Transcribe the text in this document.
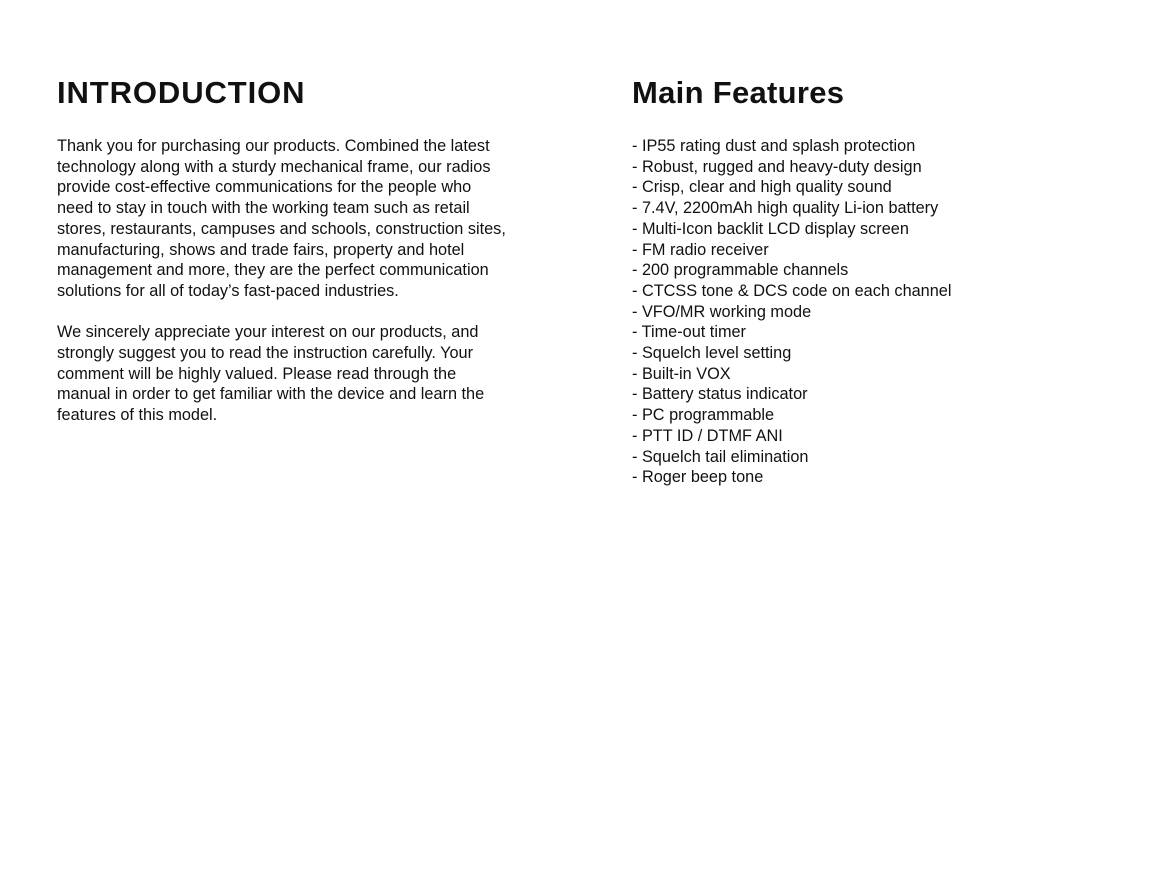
INTRODUCTION

Thank you for purchasing our products. Combined the latest
technology along with a sturdy mechanical frame, our radios
provide cost-effective communications for the people who
need to stay in touch with the working team such as retail
stores, restaurants, campuses and schools, construction sites,
manufacturing, shows and trade fairs, property and hotel
management and more, they are the perfect communication
solutions for all of today’s fast-paced industries.

We sincerely appreciate your interest on our products, and
strongly suggest you to read the instruction carefully. Your
comment will be highly valued. Please read through the
manual in order to get familiar with the device and learn the
features of this model.

Main Features
- IP55 rating dust and splash protection
- Robust, rugged and heavy-duty design
- Crisp, clear and high quality sound
- 7.4V, 2200mAh high quality Li-ion battery
- Multi-Icon backlit LCD display screen
- FM radio receiver
- 200 programmable channels
- CTCSS tone & DCS code on each channel
- VFO/MR working mode
- Time-out timer
- Squelch level setting
- Built-in VOX
- Battery status indicator
- PC programmable
- PTT ID / DTMF ANI
- Squelch tail elimination
- Roger beep tone
